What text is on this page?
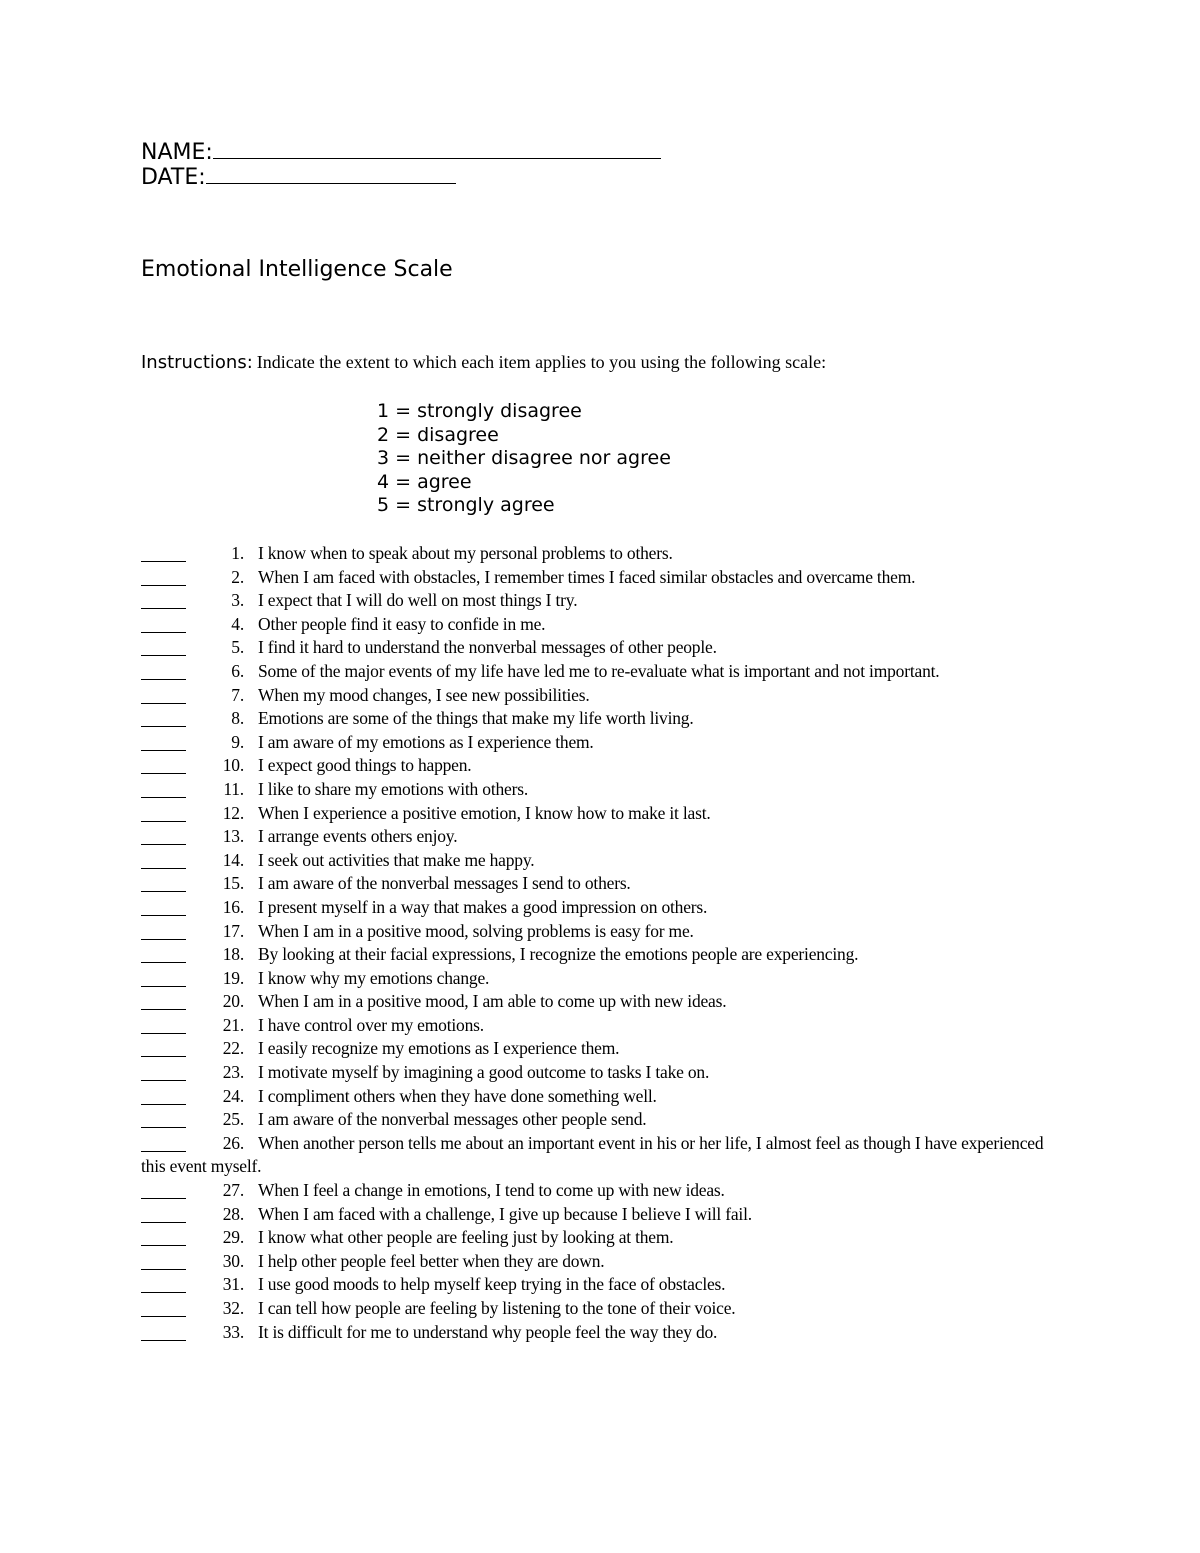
NAME:
DATE:
Emotional Intelligence Scale
Instructions: Indicate the extent to which each item applies to you using the following scale:
1 = strongly disagree
2 = disagree
3 = neither disagree nor agree
4 = agree
5 = strongly agree
1. I know when to speak about my personal problems to others.
2. When I am faced with obstacles, I remember times I faced similar obstacles and overcame them.
3. I expect that I will do well on most things I try.
4. Other people find it easy to confide in me.
5. I find it hard to understand the nonverbal messages of other people.
6. Some of the major events of my life have led me to re-evaluate what is important and not important.
7. When my mood changes, I see new possibilities.
8. Emotions are some of the things that make my life worth living.
9. I am aware of my emotions as I experience them.
10. I expect good things to happen.
11. I like to share my emotions with others.
12. When I experience a positive emotion, I know how to make it last.
13. I arrange events others enjoy.
14. I seek out activities that make me happy.
15. I am aware of the nonverbal messages I send to others.
16. I present myself in a way that makes a good impression on others.
17. When I am in a positive mood, solving problems is easy for me.
18. By looking at their facial expressions, I recognize the emotions people are experiencing.
19. I know why my emotions change.
20. When I am in a positive mood, I am able to come up with new ideas.
21. I have control over my emotions.
22. I easily recognize my emotions as I experience them.
23. I motivate myself by imagining a good outcome to tasks I take on.
24. I compliment others when they have done something well.
25. I am aware of the nonverbal messages other people send.
26. When another person tells me about an important event in his or her life, I almost feel as though I have experienced this event myself.
27. When I feel a change in emotions, I tend to come up with new ideas.
28. When I am faced with a challenge, I give up because I believe I will fail.
29. I know what other people are feeling just by looking at them.
30. I help other people feel better when they are down.
31. I use good moods to help myself keep trying in the face of obstacles.
32. I can tell how people are feeling by listening to the tone of their voice.
33. It is difficult for me to understand why people feel the way they do.
